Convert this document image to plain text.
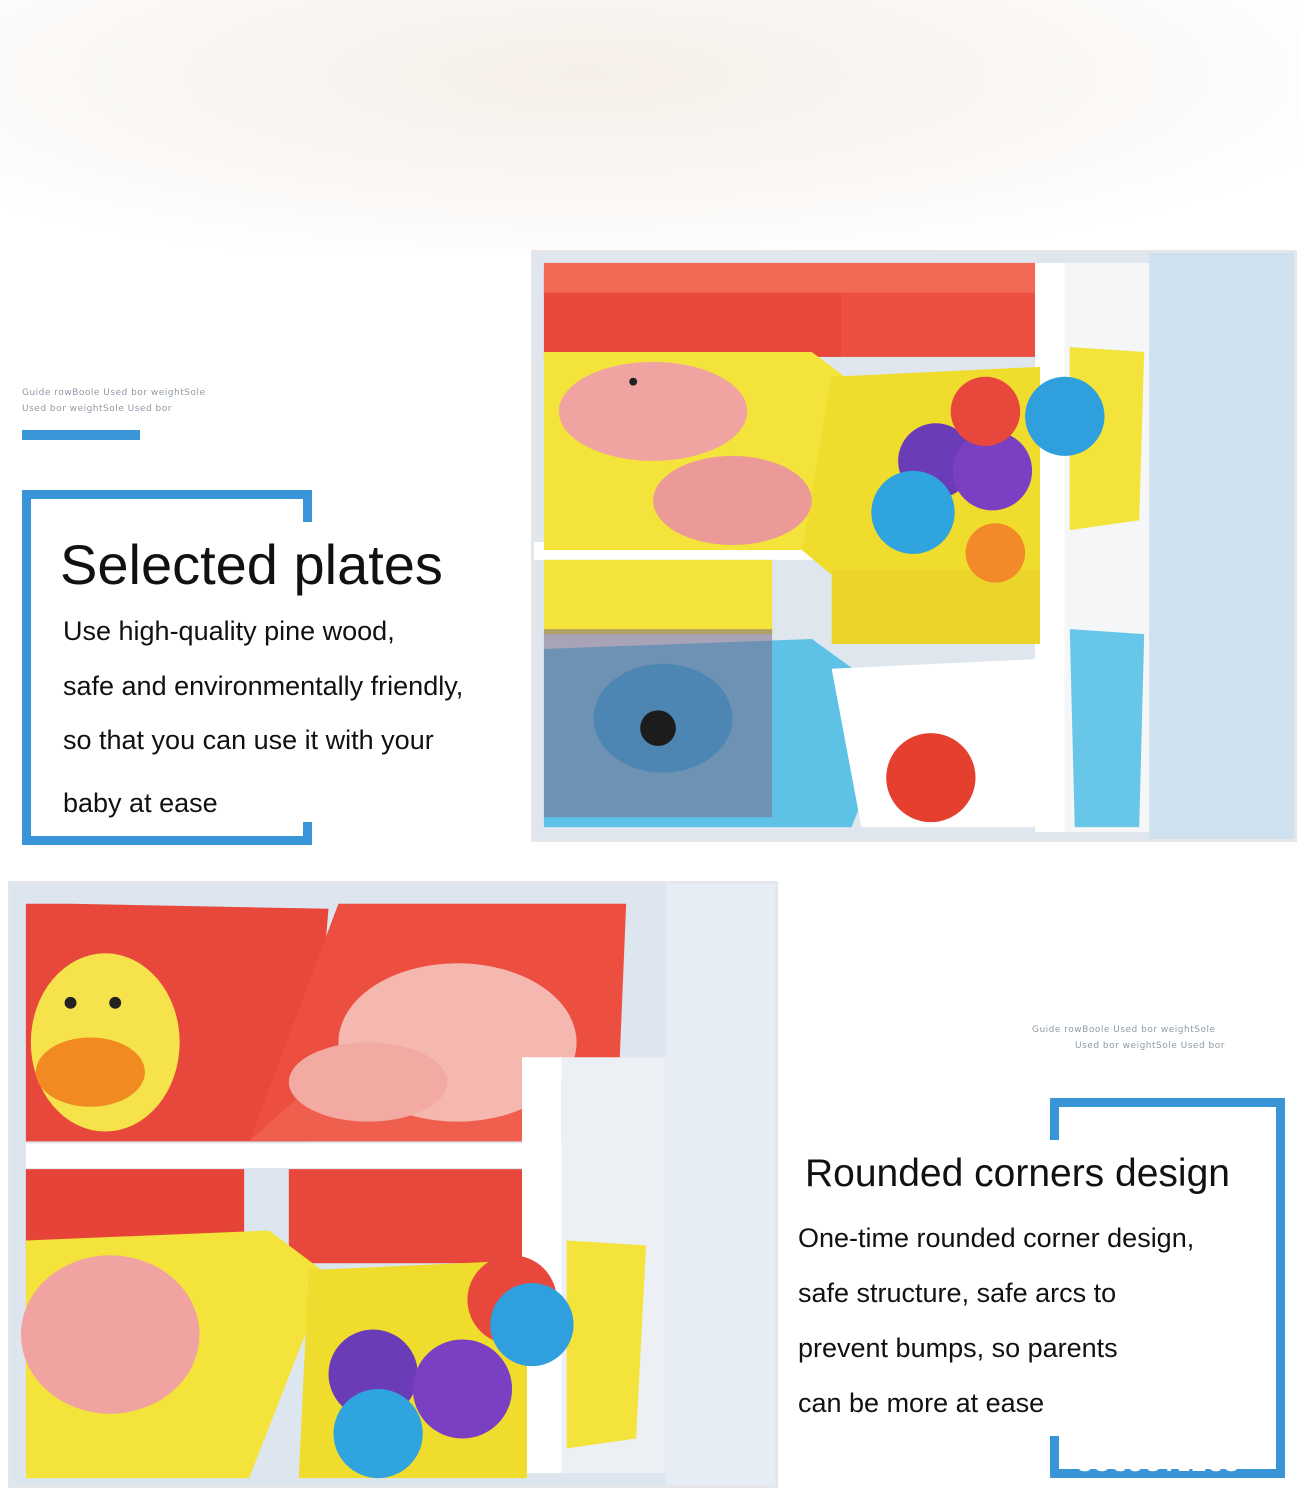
Guide rowBoole Used bor weightSole
Used bor weightSole Used bor
Selected plates
Use high-quality pine wood,
safe and environmentally friendly,
so that you can use it with your
baby at ease
Guide rowBoole Used bor weightSole
Used bor weightSole Used bor
Rounded corners design
One-time rounded corner design,
safe structure, safe arcs to
prevent bumps, so parents
can be more at ease
SOCUOTEZCO
